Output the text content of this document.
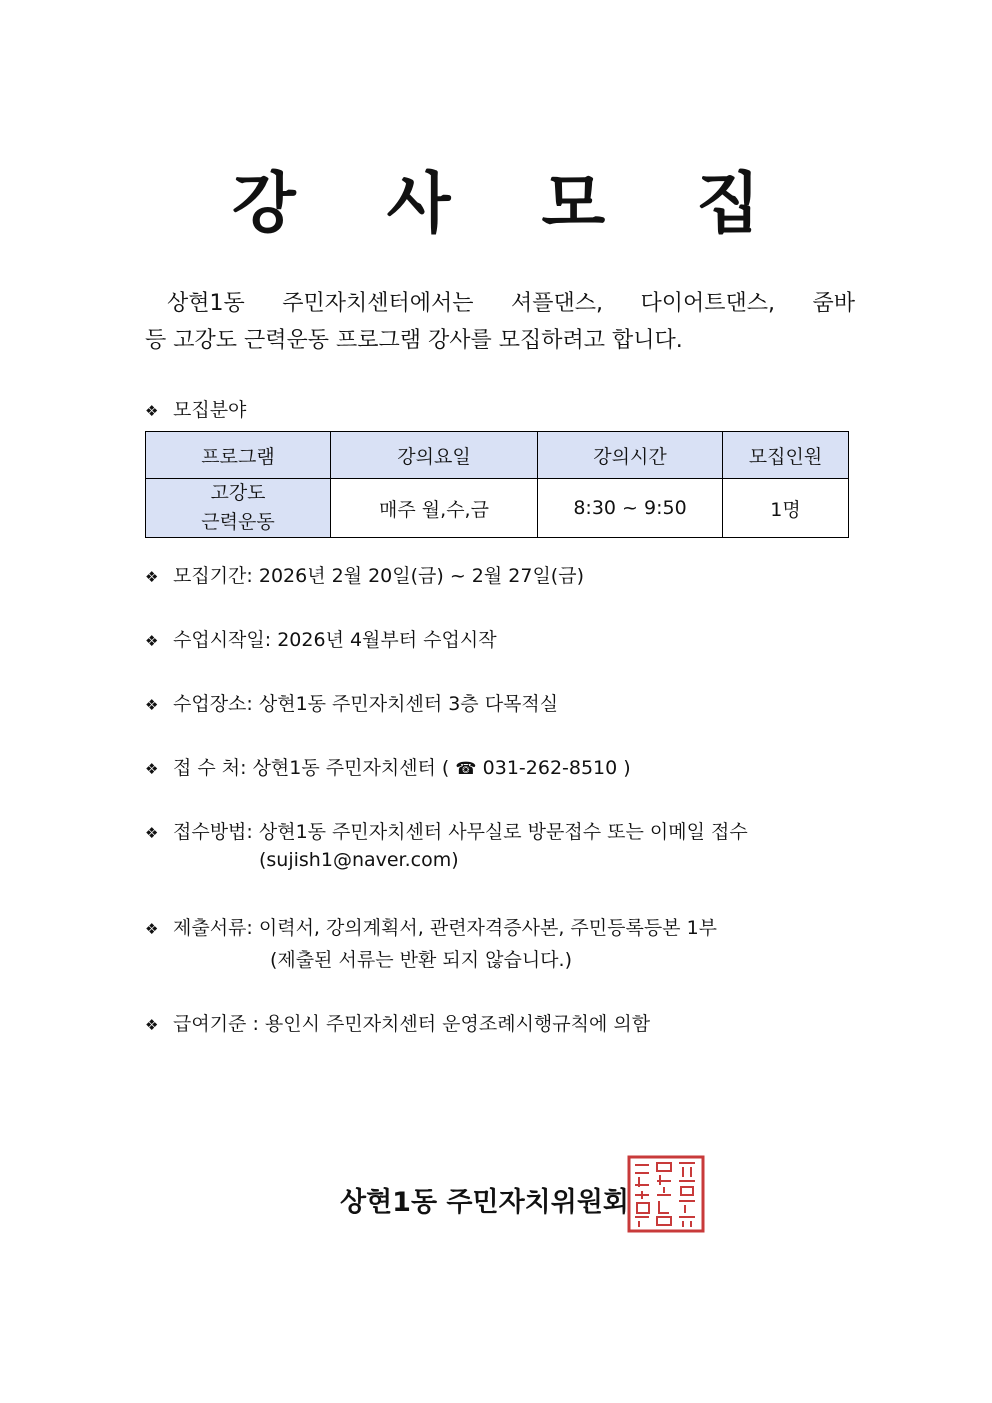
강 사 모 집
상현1동 주민자치센터에서는 셔플댄스, 다이어트댄스, 줌바
등 고강도 근력운동 프로그램 강사를 모집하려고 합니다.
❖ 모집분야
프로그램	강의요일	강의시간	모집인원
고강도
근력운동	매주 월,수,금	8:30 ~ 9:50	1명
❖ 모집기간: 2026년 2월 20일(금) ~ 2월 27일(금)
❖ 수업시작일: 2026년 4월부터 수업시작
❖ 수업장소: 상현1동 주민자치센터 3층 다목적실
❖ 접 수 처: 상현1동 주민자치센터 ( ☎ 031-262-8510 )
❖ 접수방법: 상현1동 주민자치센터 사무실로 방문접수 또는 이메일 접수
(sujish1@naver.com)
❖ 제출서류: 이력서, 강의계획서, 관련자격증사본, 주민등록등본 1부
(제출된 서류는 반환 되지 않습니다.)
❖ 급여기준 : 용인시 주민자치센터 운영조례시행규칙에 의함
상현1동 주민자치위원회
